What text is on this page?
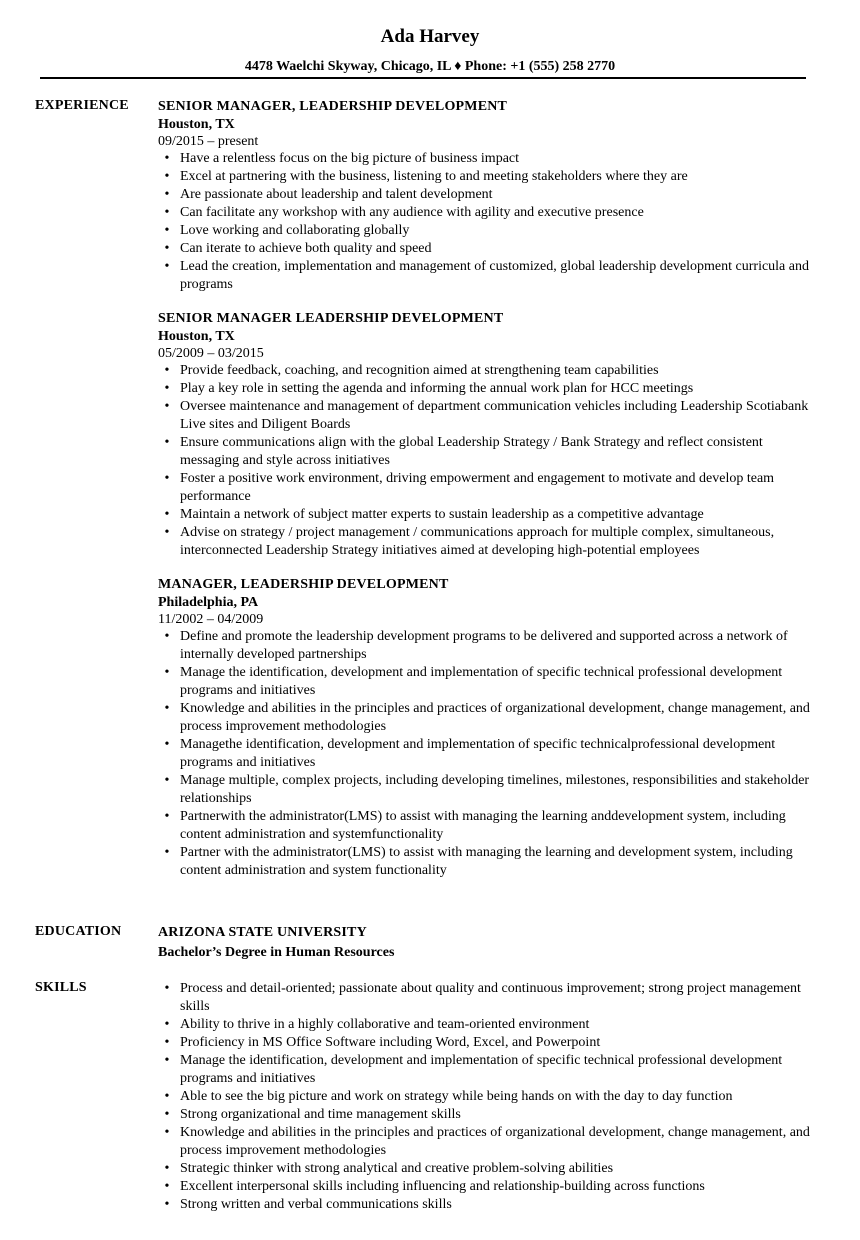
Ada Harvey
4478 Waelchi Skyway, Chicago, IL ♦ Phone: +1 (555) 258 2770
EXPERIENCE SENIOR MANAGER, LEADERSHIP DEVELOPMENT
Houston, TX
09/2015 – present
• Have a relentless focus on the big picture of business impact
• Excel at partnering with the business, listening to and meeting stakeholders where they are
• Are passionate about leadership and talent development
• Can facilitate any workshop with any audience with agility and executive presence
• Love working and collaborating globally
• Can iterate to achieve both quality and speed
• Lead the creation, implementation and management of customized, global leadership development curricula and programs
SENIOR MANAGER LEADERSHIP DEVELOPMENT
Houston, TX
05/2009 – 03/2015
• Provide feedback, coaching, and recognition aimed at strengthening team capabilities
• Play a key role in setting the agenda and informing the annual work plan for HCC meetings
• Oversee maintenance and management of department communication vehicles including Leadership Scotiabank Live sites and Diligent Boards
• Ensure communications align with the global Leadership Strategy / Bank Strategy and reflect consistent messaging and style across initiatives
• Foster a positive work environment, driving empowerment and engagement to motivate and develop team performance
• Maintain a network of subject matter experts to sustain leadership as a competitive advantage
• Advise on strategy / project management / communications approach for multiple complex, simultaneous, interconnected Leadership Strategy initiatives aimed at developing high-potential employees
MANAGER, LEADERSHIP DEVELOPMENT
Philadelphia, PA
11/2002 – 04/2009
• Define and promote the leadership development programs to be delivered and supported across a network of internally developed partnerships
• Manage the identification, development and implementation of specific technical professional development programs and initiatives
• Knowledge and abilities in the principles and practices of organizational development, change management, and process improvement methodologies
• Managethe identification, development and implementation of specific technicalprofessional development programs and initiatives
• Manage multiple, complex projects, including developing timelines, milestones, responsibilities and stakeholder relationships
• Partnerwith the administrator(LMS) to assist with managing the learning anddevelopment system, including content administration and systemfunctionality
• Partner with the administrator(LMS) to assist with managing the learning and development system, including content administration and system functionality
EDUCATION	ARIZONA STATE UNIVERSITY
Bachelor’s Degree in Human Resources
SKILLS	• Process and detail-oriented; passionate about quality and continuous improvement; strong project management skills
• Ability to thrive in a highly collaborative and team-oriented environment
• Proficiency in MS Office Software including Word, Excel, and Powerpoint
• Manage the identification, development and implementation of specific technical professional development programs and initiatives
• Able to see the big picture and work on strategy while being hands on with the day to day function
• Strong organizational and time management skills
• Knowledge and abilities in the principles and practices of organizational development, change management, and process improvement methodologies
• Strategic thinker with strong analytical and creative problem-solving abilities
• Excellent interpersonal skills including influencing and relationship-building across functions
• Strong written and verbal communications skills
